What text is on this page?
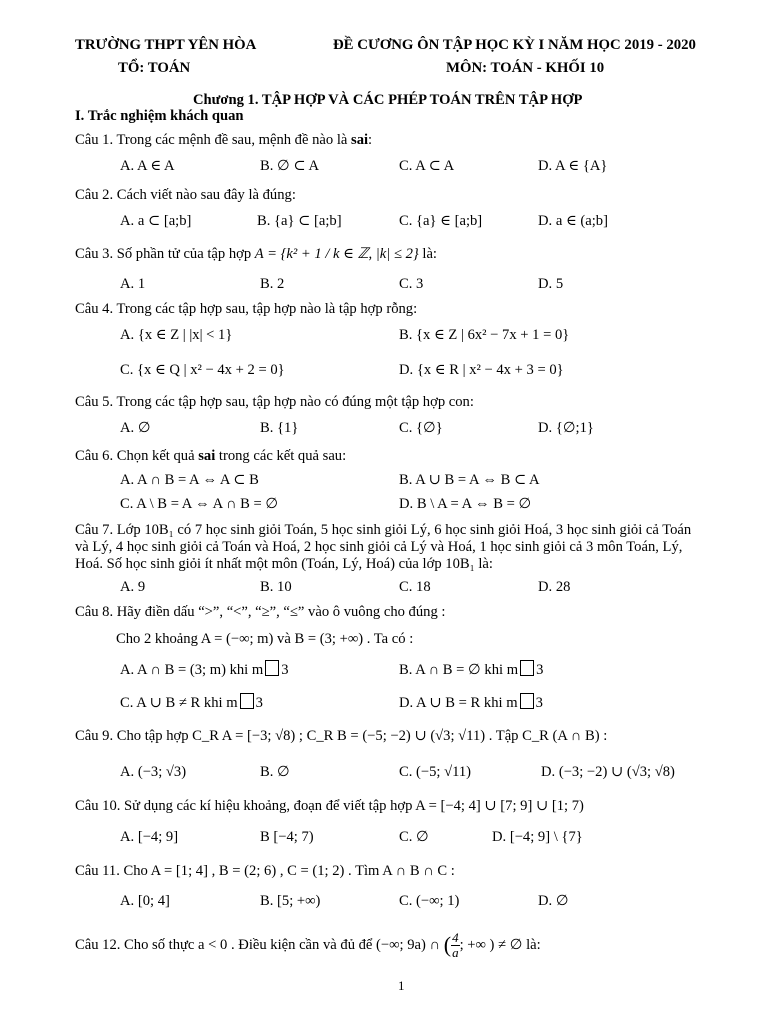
TRƯỜNG THPT YÊN HÒA	ĐỀ CƯƠNG ÔN TẬP HỌC KỲ I NĂM HỌC 2019 - 2020
TỔ: TOÁN	MÔN: TOÁN - KHỐI 10
Chương 1. TẬP HỢP VÀ CÁC PHÉP TOÁN TRÊN TẬP HỢP
I. Trắc nghiệm khách quan
Câu 1. Trong các mệnh đề sau, mệnh đề nào là sai:
A. A ∈ A	B. ∅ ⊂ A	C. A ⊂ A	D. A ∈ {A}
Câu 2. Cách viết nào sau đây là đúng:
A. a ⊂ [a;b]	B. {a} ⊂ [a;b]	C. {a} ∈ [a;b]	D. a ∈ (a;b]
Câu 3. Số phần tử của tập hợp A = {k² + 1 / k ∈ ℤ, |k| ≤ 2} là:
A. 1	B. 2	C. 3	D. 5
Câu 4. Trong các tập hợp sau, tập hợp nào là tập hợp rỗng:
A. {x ∈ Z | |x| < 1}	B. {x ∈ Z | 6x² − 7x + 1 = 0}
C. {x ∈ Q | x² − 4x + 2 = 0}	D. {x ∈ R | x² − 4x + 3 = 0}
Câu 5. Trong các tập hợp sau, tập hợp nào có đúng một tập hợp con:
A. ∅	B. {1}	C. {∅}	D. {∅;1}
Câu 6. Chọn kết quả sai trong các kết quả sau:
A. A ∩ B = A ⇔ A ⊂ B	B. A ∪ B = A ⇔ B ⊂ A
C. A \ B = A ⇔ A ∩ B = ∅	D. B \ A = A ⇔ B = ∅
Câu 7. Lớp 10B₁ có 7 học sinh giỏi Toán, 5 học sinh giỏi Lý, 6 học sinh giỏi Hoá, 3 học sinh giỏi cả Toán
và Lý, 4 học sinh giỏi cả Toán và Hoá, 2 học sinh giỏi cả Lý và Hoá, 1 học sinh giỏi cả 3 môn Toán, Lý,
Hoá. Số học sinh giỏi ít nhất một môn (Toán, Lý, Hoá) của lớp 10B₁ là:
A. 9	B. 10	C. 18	D. 28
Câu 8. Hãy điền dấu “>”, “<”, “≥”, “≤” vào ô vuông cho đúng :
Cho 2 khoảng A = (−∞; m) và B = (3; +∞) . Ta có :
A. A ∩ B = (3; m) khi m 3	B. A ∩ B = ∅ khi m 3
C. A ∪ B ≠ R khi m 3	D. A ∪ B = R khi m 3
Câu 9. Cho tập hợp C_R A = [−3; √8) ; C_R B = (−5; −2) ∪ (√3; √11) . Tập C_R (A ∩ B) :
A. (−3; √3)	B. ∅	C. (−5; √11)	D. (−3; −2) ∪ (√3; √8)
Câu 10. Sử dụng các kí hiệu khoảng, đoạn để viết tập hợp A = [−4; 4] ∪ [7; 9] ∪ [1; 7)
A. [−4; 9]	B [−4; 7)	C. ∅	D. [−4; 9] \ {7}
Câu 11. Cho A = [1; 4] , B = (2; 6) , C = (1; 2) . Tìm A ∩ B ∩ C :
A. [0; 4]	B. [5; +∞)	C. (−∞; 1)	D. ∅
Câu 12. Cho số thực a < 0 . Điều kiện cần và đủ để (−∞; 9a) ∩ ( $\frac{4}{a}$ ; +∞ ) ≠ ∅ là:
1
